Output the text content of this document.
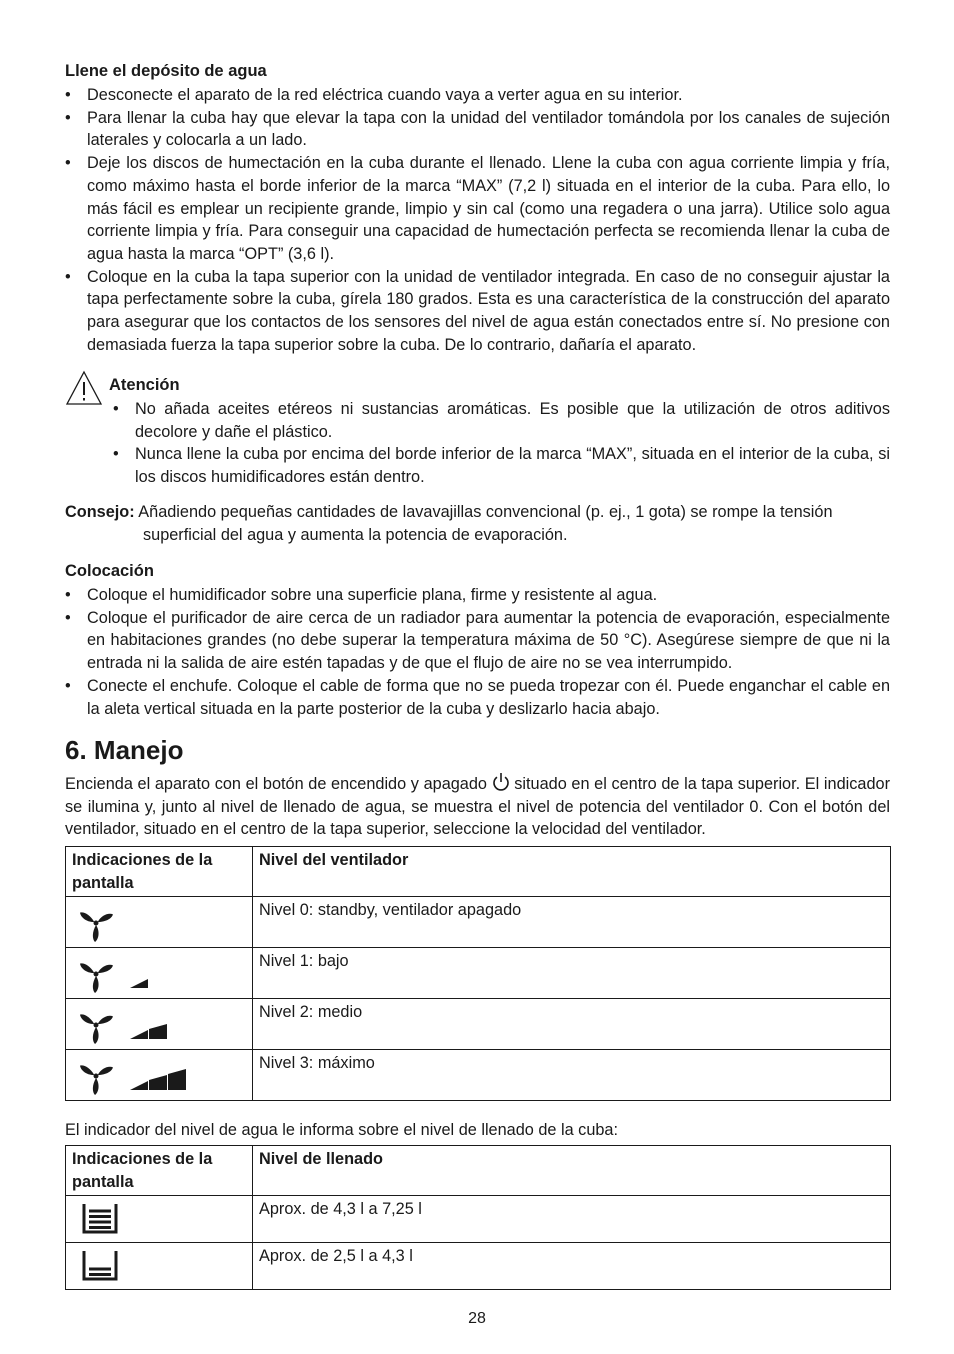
Llene el depósito de agua
• Desconecte el aparato de la red eléctrica cuando vaya a verter agua en su interior.
• Para llenar la cuba hay que elevar la tapa con la unidad del ventilador tomándola por los canales de sujeción laterales y colocarla a un lado.
• Deje los discos de humectación en la cuba durante el llenado. Llene la cuba con agua corriente limpia y fría, como máximo hasta el borde inferior de la marca “MAX” (7,2 l) situada en el interior de la cuba. Para ello, lo más fácil es emplear un recipiente grande, limpio y sin cal (como una regadera o una jarra). Utilice solo agua corriente limpia y fría. Para conseguir una capacidad de humectación perfecta se recomienda llenar la cuba de agua hasta la marca “OPT” (3,6 l).
• Coloque en la cuba la tapa superior con la unidad de ventilador integrada. En caso de no conseguir ajustar la tapa perfectamente sobre la cuba, gírela 180 grados. Esta es una característica de la construcción del aparato para asegurar que los contactos de los sensores del nivel de agua están conectados entre sí. No presione con demasiada fuerza la tapa superior sobre la cuba. De lo contrario, dañaría el aparato.
Atención
• No añada aceites etéreos ni sustancias aromáticas. Es posible que la utilización de otros aditivos decolore y dañe el plástico.
• Nunca llene la cuba por encima del borde inferior de la marca “MAX”, situada en el interior de la cuba, si los discos humidificadores están dentro.

Consejo: Añadiendo pequeñas cantidades de lavavajillas convencional (p. ej., 1 gota) se rompe la tensión

superficial del agua y aumenta la potencia de evaporación.

Colocación
• Coloque el humidificador sobre una superficie plana, firme y resistente al agua.
• Coloque el purificador de aire cerca de un radiador para aumentar la potencia de evaporación, especialmente en habitaciones grandes (no debe superar la temperatura máxima de 50 °C). Asegúrese siempre de que ni la entrada ni la salida de aire estén tapadas y de que el flujo de aire no se vea interrumpido.
• Conecte el enchufe. Coloque el cable de forma que no se pueda tropezar con él. Puede enganchar el cable en la aleta vertical situada en la parte posterior de la cuba y deslizarlo hacia abajo.
6. Manejo

Encienda el aparato con el botón de encendido y apagado  situado en el centro de la tapa superior. El indicador se ilumina y, junto al nivel de llenado de agua, se muestra el nivel de potencia del ventilador 0. Con el botón del ventilador, situado en el centro de la tapa superior, seleccione la velocidad del ventilador.

Indicaciones de la pantalla	Nivel del ventilador

	Nivel 0: standby, ventilador apagado

	Nivel 1: bajo

	Nivel 2: medio

	Nivel 3: máximo

El indicador del nivel de agua le informa sobre el nivel de llenado de la cuba:

Indicaciones de la pantalla	Nivel de llenado

	Aprox. de 4,3 l a 7,25 l

	Aprox. de 2,5 l a 4,3 l
28
